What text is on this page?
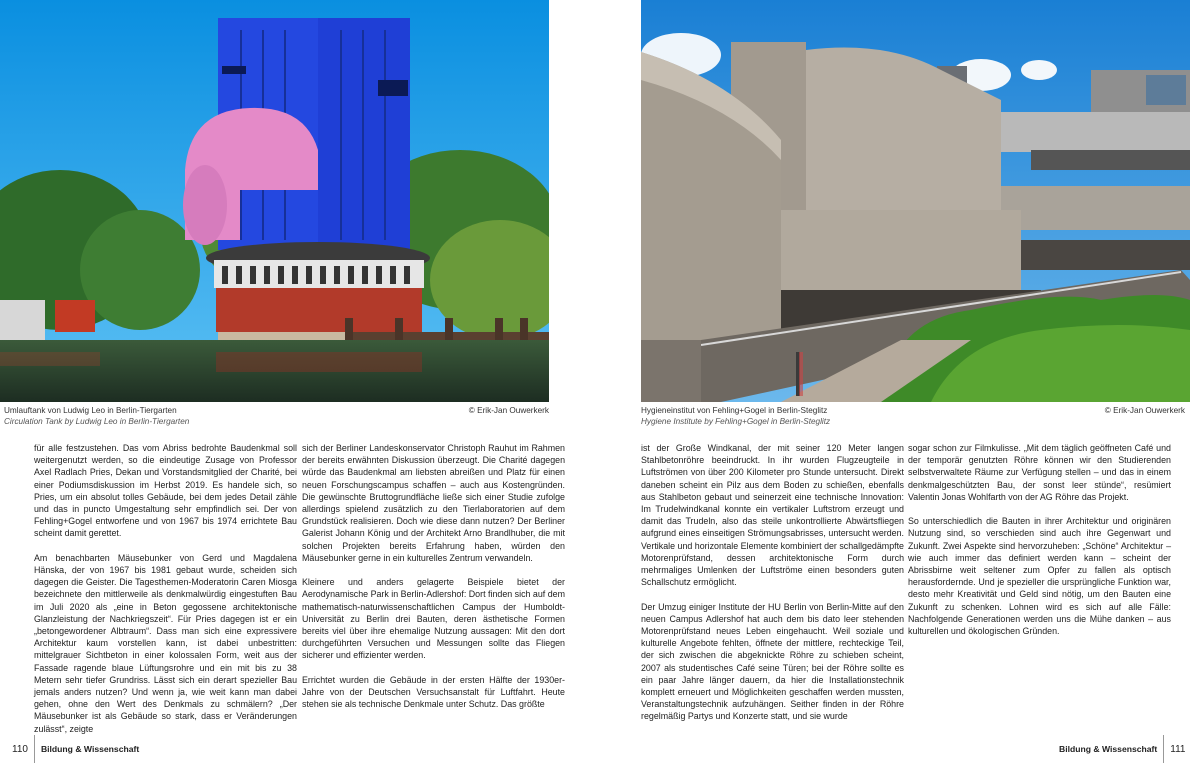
Umlauftank von Ludwig Leo in Berlin-Tiergarten
Circulation Tank by Ludwig Leo in Berlin-Tiergarten
© Erik-Jan Ouwerkerk

für alle festzustehen. Das vom Abriss bedrohte Baudenkmal soll weitergenutzt werden, so die eindeutige Zusage von Professor Axel Radlach Pries, Dekan und Vorstandsmitglied der Charité, bei einer Podiumsdiskussion im Herbst 2019. Es handele sich, so Pries, um ein absolut tolles Gebäude, bei dem jedes Detail zähle und das in puncto Umgestaltung sehr empfindlich sei. Der von Fehling+Gogel entworfene und von 1967 bis 1974 errichtete Bau scheint damit gerettet.

Am benachbarten Mäusebunker von Gerd und Magdalena Hänska, der von 1967 bis 1981 gebaut wurde, scheiden sich dagegen die Geister. Die Tagesthemen-Moderatorin Caren Miosga bezeichnete den mittlerweile als denkmalwürdig eingestuften Bau im Juli 2020 als „eine in Beton gegossene architektonische Glanzleistung der Nachkriegszeit“. Für Pries dagegen ist er ein „betongewordener Albtraum“. Dass man sich eine expressivere Architektur kaum vorstellen kann, ist dabei unbestritten: mittelgrauer Sichtbeton in einer kolossalen Form, weit aus der Fassade ragende blaue Lüftungsrohre und ein mit bis zu 38 Metern sehr tiefer Grundriss. Lässt sich ein derart spezieller Bau jemals anders nutzen? Und wenn ja, wie weit kann man dabei gehen, ohne den Wert des Denkmals zu schmälern? „Der Mäusebunker ist als Gebäude so stark, dass er Veränderungen zulässt“, zeigte

sich der Berliner Landeskonservator Christoph Rauhut im Rahmen der bereits erwähnten Diskussion überzeugt. Die Charité dagegen würde das Baudenkmal am liebsten abreißen und Platz für einen neuen Forschungscampus schaffen – auch aus Kostengründen. Die gewünschte Bruttogrundfläche ließe sich einer Studie zufolge allerdings spielend zusätzlich zu den Tierlaboratorien auf dem Grundstück realisieren. Doch wie diese dann nutzen? Der Berliner Galerist Johann König und der Architekt Arno Brandlhuber, die mit solchen Projekten bereits Erfahrung haben, würden den Mäusebunker gerne in ein kulturelles Zentrum verwandeln.

Kleinere und anders gelagerte Beispiele bietet der Aerodynamische Park in Berlin-Adlershof: Dort finden sich auf dem mathematisch-naturwissenschaftlichen Campus der Humboldt-Universität zu Berlin drei Bauten, deren ästhetische Formen bereits viel über ihre ehemalige Nutzung aussagen: Mit den dort durchgeführten Versuchen und Messungen sollte das Fliegen sicherer und effizienter werden.

Errichtet wurden die Gebäude in der ersten Hälfte der 1930er-Jahre von der Deutschen Versuchsanstalt für Luftfahrt. Heute stehen sie als technische Denkmale unter Schutz. Das größte

110 Bildung & Wissenschaft
Hygieneinstitut von Fehling+Gogel in Berlin-Steglitz
Hygiene Institute by Fehling+Gogel in Berlin-Steglitz
© Erik-Jan Ouwerkerk

ist der Große Windkanal, der mit seiner 120 Meter langen Stahlbetonröhre beeindruckt. In ihr wurden Flugzeugteile in Luftströmen von über 200 Kilometer pro Stunde untersucht. Direkt daneben scheint ein Pilz aus dem Boden zu schießen, ebenfalls aus Stahlbeton gebaut und seinerzeit eine technische Innovation: Im Trudelwindkanal konnte ein vertikaler Luftstrom erzeugt und damit das Trudeln, also das steile unkontrollierte Abwärtsfliegen aufgrund eines einseitigen Strömungsabrisses, untersucht werden. Vertikale und horizontale Elemente kombiniert der schallgedämpfte Motorenprüfstand, dessen architektonische Form durch mehrmaliges Umlenken der Luftströme einen besonders guten Schallschutz ermöglicht.

Der Umzug einiger Institute der HU Berlin von Berlin-Mitte auf den neuen Campus Adlershof hat auch dem bis dato leer stehenden Motorenprüfstand neues Leben eingehaucht. Weil soziale und kulturelle Angebote fehlten, öffnete der mittlere, rechteckige Teil, der sich zwischen die abgeknickte Röhre zu schieben scheint, 2007 als studentisches Café seine Türen; bei der Röhre sollte es ein paar Jahre länger dauern, da hier die Installationstechnik komplett erneuert und Möglichkeiten geschaffen werden mussten, Veranstaltungstechnik aufzuhängen. Seither finden in der Röhre regelmäßig Partys und Konzerte statt, und sie wurde

sogar schon zur Filmkulisse. „Mit dem täglich geöffneten Café und der temporär genutzten Röhre können wir den Studierenden selbstverwaltete Räume zur Verfügung stellen – und das in einem denkmalgeschützten Bau, der sonst leer stünde“, resümiert Valentin Jonas Wohlfarth von der AG Röhre das Projekt.

So unterschiedlich die Bauten in ihrer Architektur und originären Nutzung sind, so verschieden sind auch ihre Gegenwart und Zukunft. Zwei Aspekte sind hervorzuheben: „Schöne“ Architektur – wie auch immer das definiert werden kann – scheint der Abrissbirne weit seltener zum Opfer zu fallen als optisch herausfordernde. Und je spezieller die ursprüngliche Funktion war, desto mehr Kreativität und Geld sind nötig, um den Bauten eine Zukunft zu schenken. Lohnen wird es sich auf alle Fälle: Nachfolgende Generationen werden uns die Mühe danken – aus kulturellen und ökologischen Gründen.

Bildung & Wissenschaft 111
